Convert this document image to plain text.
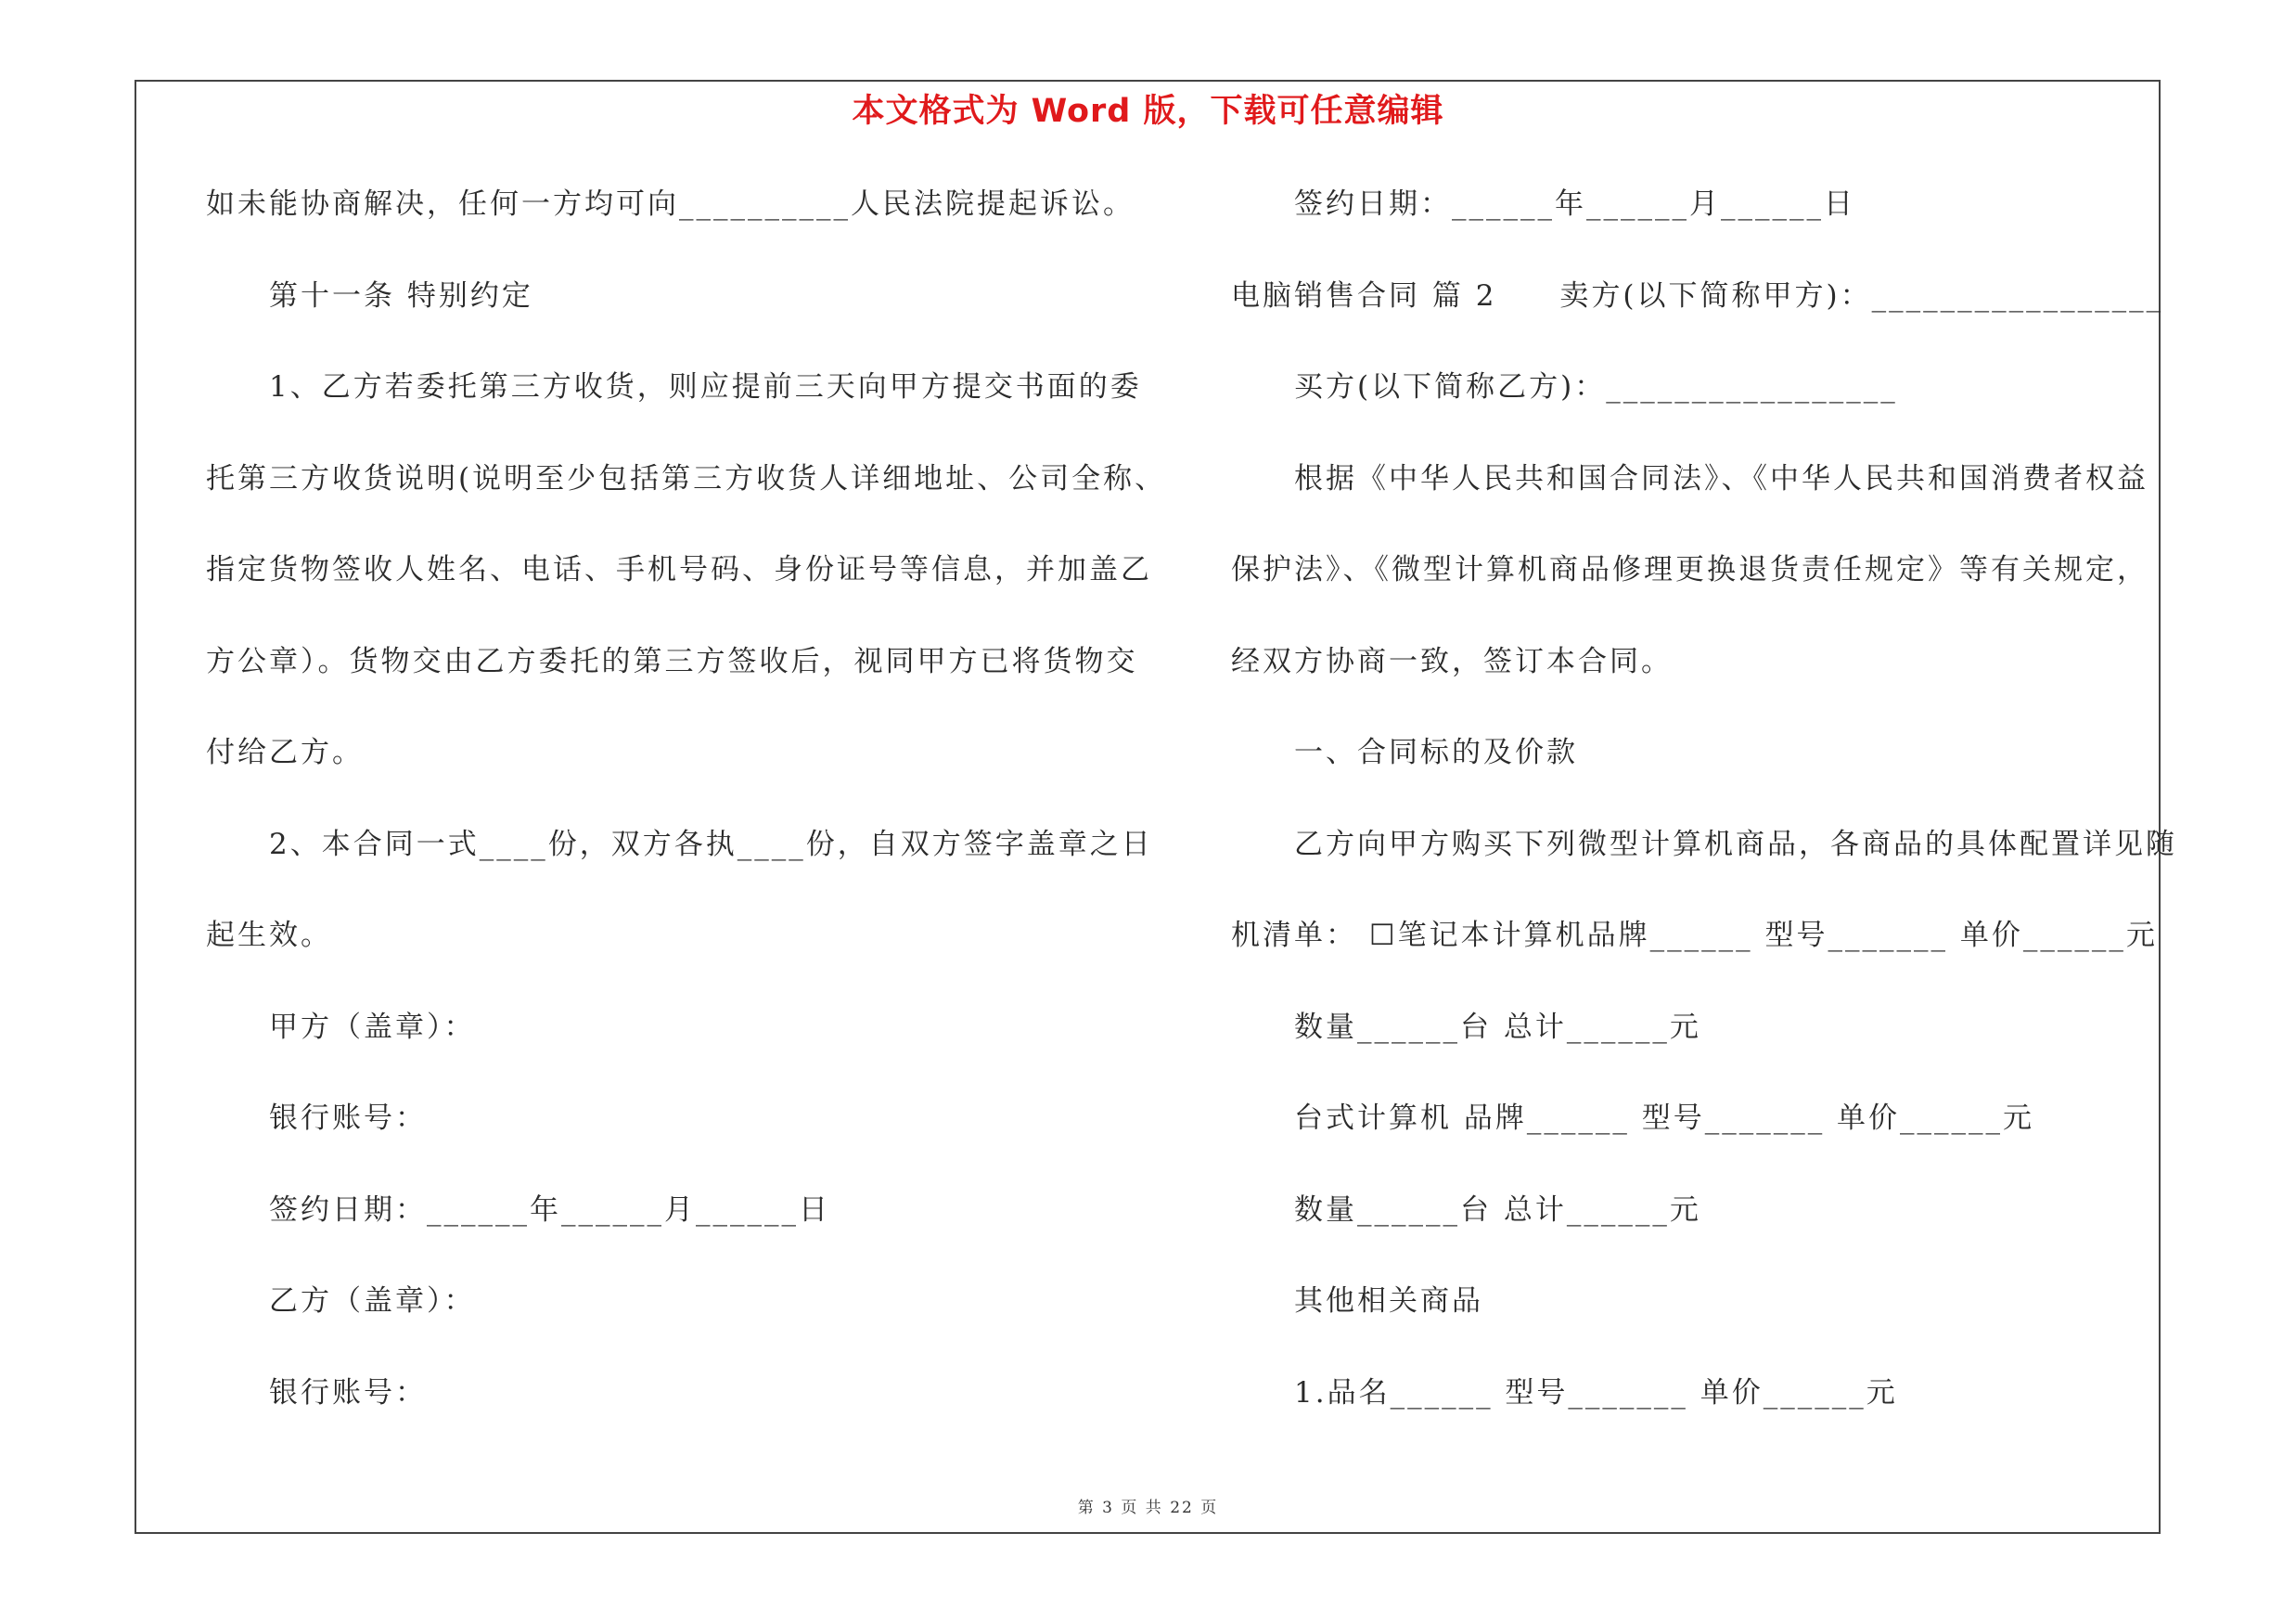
本文格式为 Word 版，下载可任意编辑
如未能协商解决，任何一方均可向__________人民法院提起诉讼。
第十一条 特别约定
1、乙方若委托第三方收货，则应提前三天向甲方提交书面的委
托第三方收货说明(说明至少包括第三方收货人详细地址、公司全称、
指定货物签收人姓名、电话、手机号码、身份证号等信息，并加盖乙
方公章）。货物交由乙方委托的第三方签收后，视同甲方已将货物交
付给乙方。
2、本合同一式____份，双方各执____份，自双方签字盖章之日
起生效。
甲方（盖章）：
银行账号：
签约日期：______年______月______日
乙方（盖章）：
银行账号：
签约日期：______年______月______日
电脑销售合同 篇 2　　卖方(以下简称甲方)：_________________
买方(以下简称乙方)：_________________
根据《中华人民共和国合同法》、《中华人民共和国消费者权益
保护法》、《微型计算机商品修理更换退货责任规定》等有关规定，
经双方协商一致，签订本合同。
一、合同标的及价款
乙方向甲方购买下列微型计算机商品，各商品的具体配置详见随
机清单： ☐笔记本计算机品牌______ 型号_______ 单价______元
数量______台 总计______元
台式计算机 品牌______ 型号_______ 单价______元
数量______台 总计______元
其他相关商品
1.品名______ 型号_______ 单价______元
第 3 页 共 22 页
